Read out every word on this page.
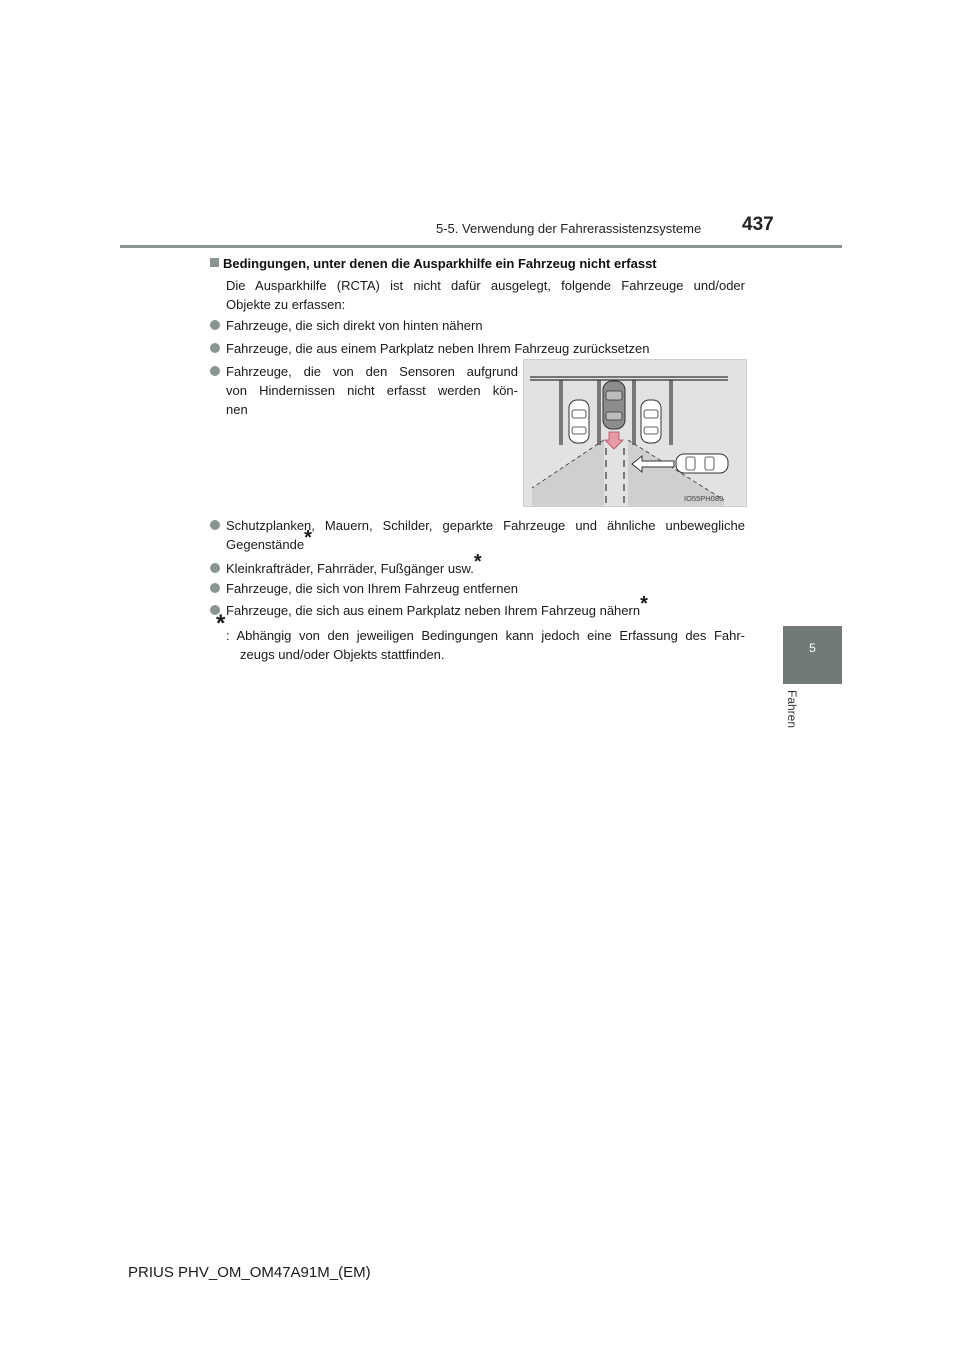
5-5. Verwendung der Fahrerassistenzsysteme 437
5
Fahren
Bedingungen, unter denen die Ausparkhilfe ein Fahrzeug nicht erfasst
Die Ausparkhilfe (RCTA) ist nicht dafür ausgelegt, folgende Fahrzeuge und/oder
Objekte zu erfassen:
Fahrzeuge, die sich direkt von hinten nähern
Fahrzeuge, die aus einem Parkplatz neben Ihrem Fahrzeug zurücksetzen
Fahrzeuge, die von den Sensoren aufgrund
von Hindernissen nicht erfasst werden kön-
nen
IO55PH089
Schutzplanken, Mauern, Schilder, geparkte Fahrzeuge und ähnliche unbewegliche
Gegenstände*
Kleinkrafträder, Fahrräder, Fußgänger usw.*
Fahrzeuge, die sich von Ihrem Fahrzeug entfernen
Fahrzeuge, die sich aus einem Parkplatz neben Ihrem Fahrzeug nähern*
* : Abhängig von den jeweiligen Bedingungen kann jedoch eine Erfassung des Fahr-
zeugs und/oder Objekts stattfinden.
PRIUS PHV_OM_OM47A91M_(EM)
